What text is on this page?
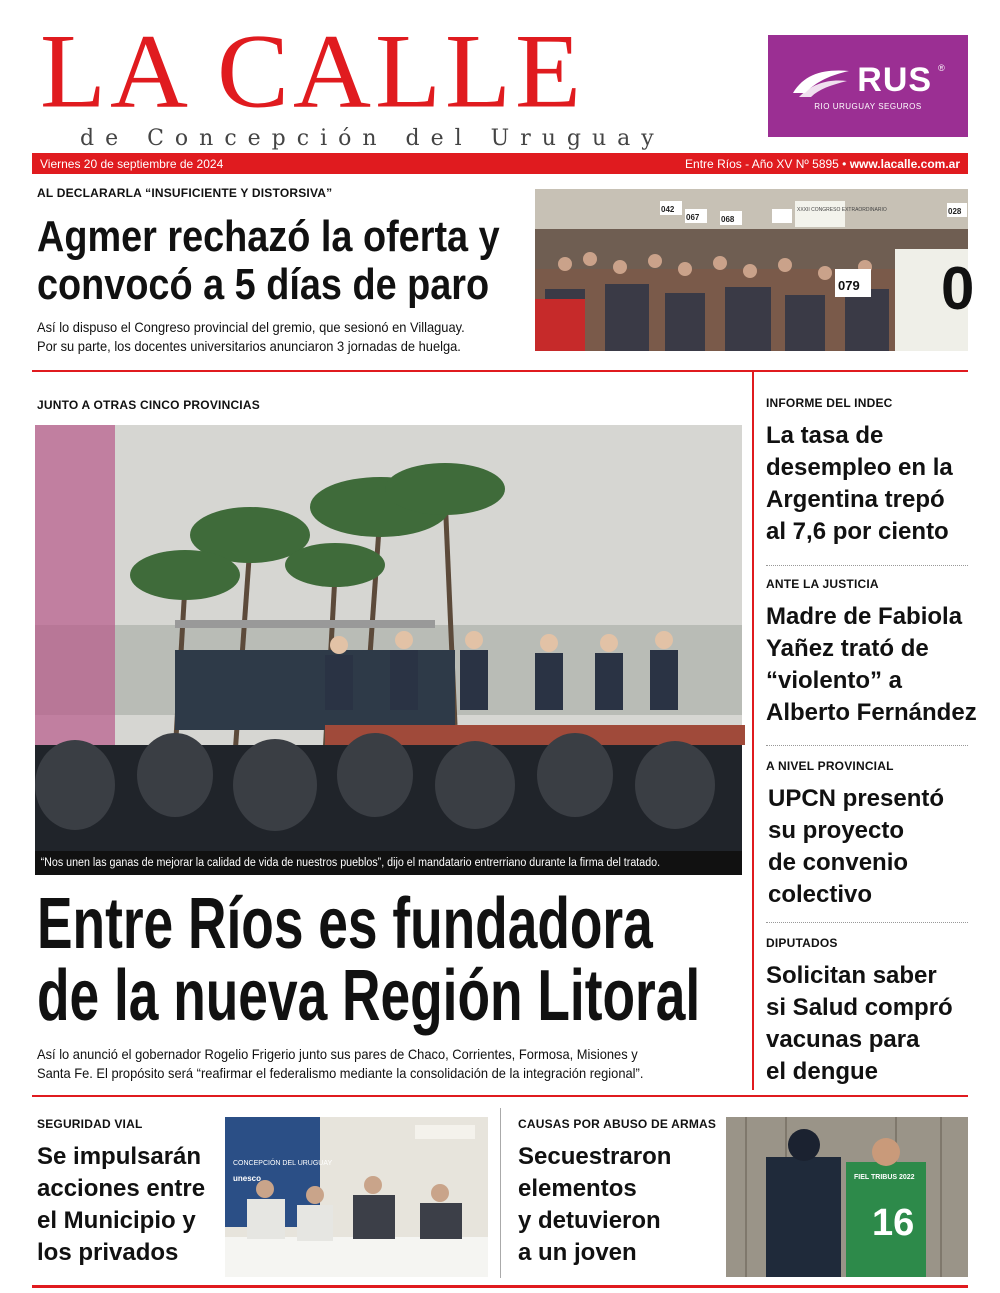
LA CALLE
de Concepción del Uruguay
RUS ®
RIO URUGUAY SEGUROS
Viernes 20 de septiembre de 2024	Entre Ríos - Año XV Nº 5895 • www.lacalle.com.ar
AL DECLARARLA “INSUFICIENTE Y DISTORSIVA”
Agmer rechazó la oferta y
convocó a 5 días de paro
Así lo dispuso el Congreso provincial del gremio, que sesionó en Villaguay.
Por su parte, los docentes universitarios anunciaron 3 jornadas de huelga.
042
067	068
079
028
0
XXXII CONGRESO EXTRAORDINARIO
JUNTO A OTRAS CINCO PROVINCIAS
“Nos unen las ganas de mejorar la calidad de vida de nuestros pueblos”, dijo el mandatario entrerriano durante la firma del tratado.
Entre Ríos es fundadora
de la nueva Región Litoral
Así lo anunció el gobernador Rogelio Frigerio junto sus pares de Chaco, Corrientes, Formosa, Misiones y
Santa Fe. El propósito será “reafirmar el federalismo mediante la consolidación de la integración regional”.
INFORME DEL INDEC
La tasa de
desempleo en la
Argentina trepó
al 7,6 por ciento
ANTE LA JUSTICIA
Madre de Fabiola
Yañez trató de
“violento” a
Alberto Fernández
A NIVEL PROVINCIAL
UPCN presentó
su proyecto
de convenio
colectivo
DIPUTADOS
Solicitan saber
si Salud compró
vacunas para
el dengue
SEGURIDAD VIAL
Se impulsarán
acciones entre
el Municipio y
los privados
CONCEPCIÓN DEL URUGUAY
unesco
CAUSAS POR ABUSO DE ARMAS
Secuestraron
elementos
y detuvieron
a un joven
16
FIEL TRIBUS 2022
